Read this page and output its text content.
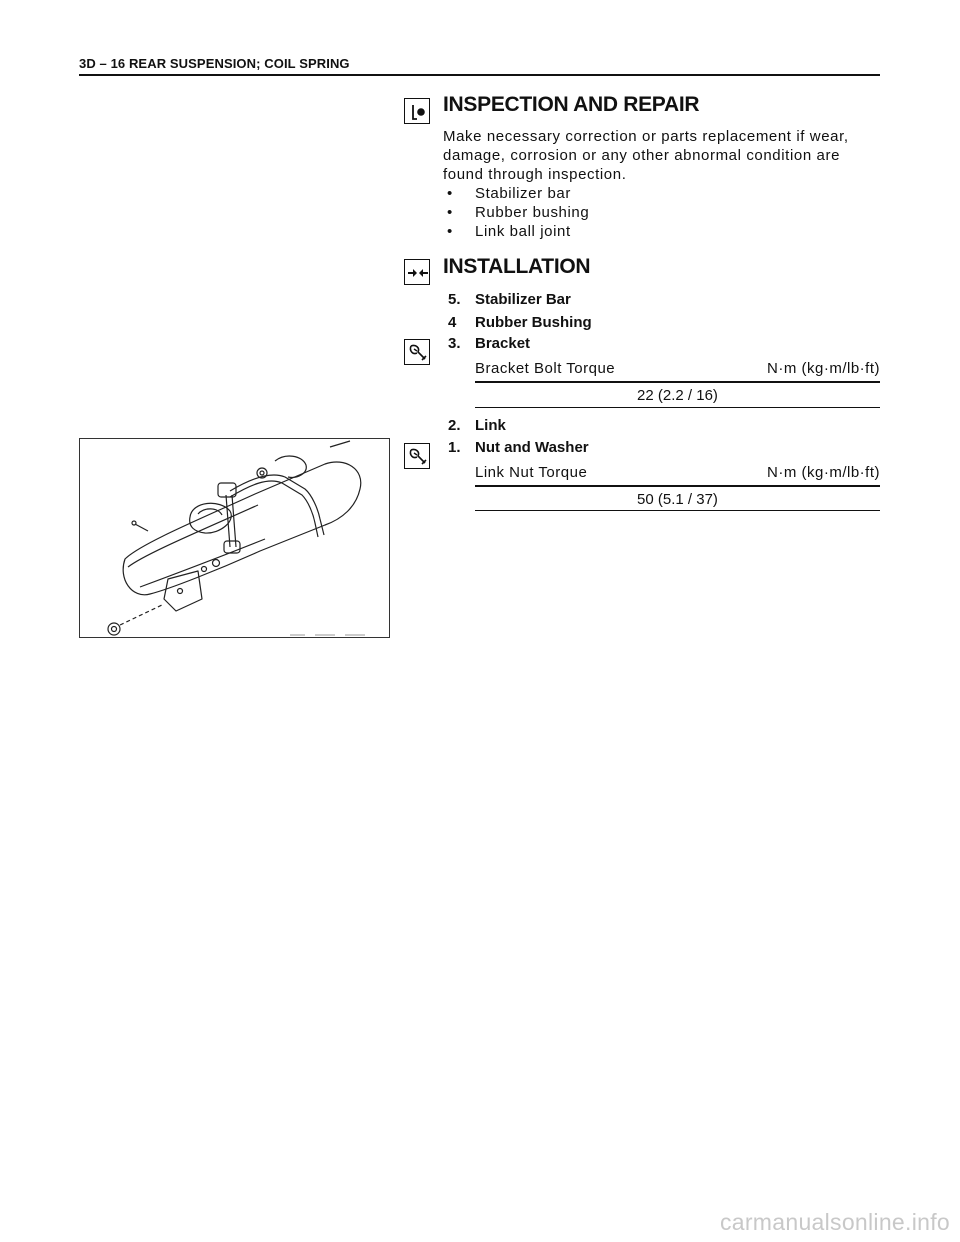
3D – 16 REAR SUSPENSION; COIL SPRING
INSPECTION AND REPAIR
Make necessary correction or parts replacement if wear,
damage, corrosion or any other abnormal condition are
found through inspection.
• Stabilizer bar
• Rubber bushing
• Link ball joint
INSTALLATION
5. Stabilizer Bar
4 Rubber Bushing
3. Bracket
Bracket Bolt Torque	N·m (kg·m/lb·ft)
22 (2.2 / 16)
2. Link
1. Nut and Washer
Link Nut Torque	N·m (kg·m/lb·ft)
50 (5.1 / 37)
carmanualsonline.info
